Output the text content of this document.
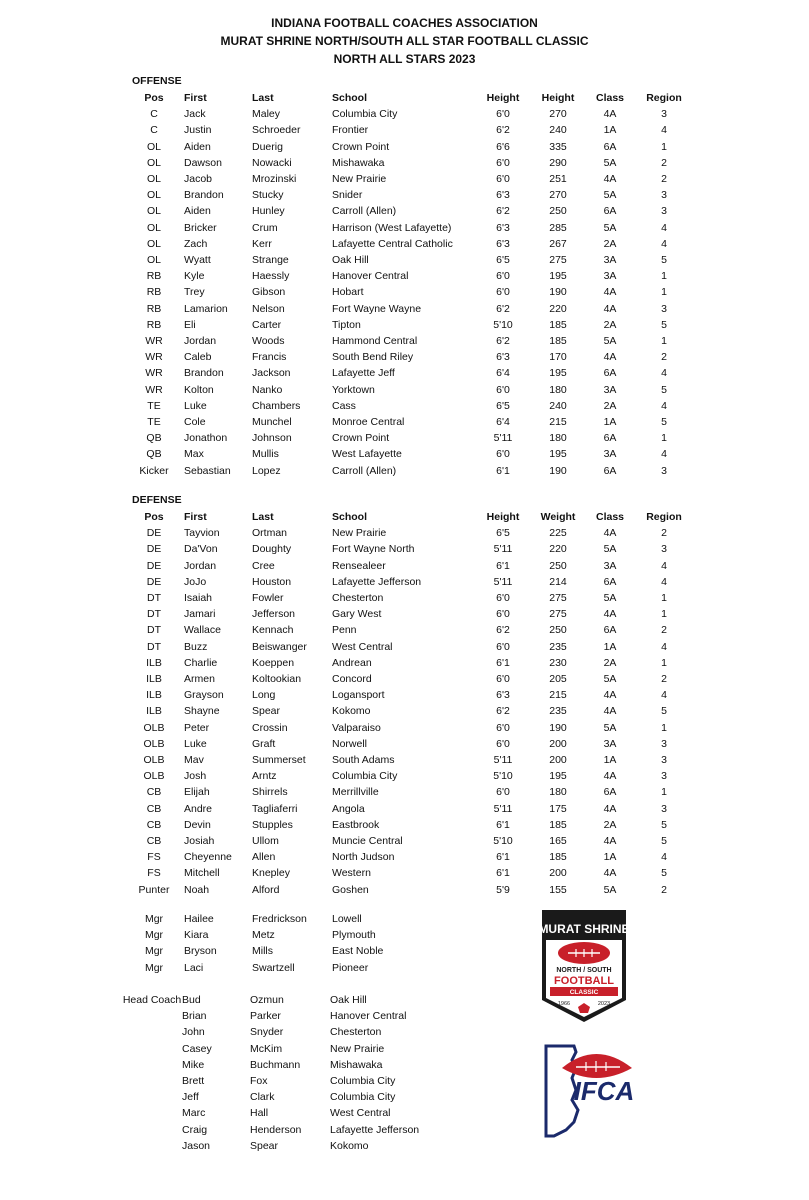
INDIANA FOOTBALL COACHES ASSOCIATION
MURAT SHRINE NORTH/SOUTH ALL STAR FOOTBALL CLASSIC
NORTH ALL STARS 2023
OFFENSE
Pos	First	Last	School	Height	Height	Class	Region
C	Jack	Maley	Columbia City	6'0	270	4A	3
C	Justin	Schroeder	Frontier	6'2	240	1A	4
OL	Aiden	Duerig	Crown Point	6'6	335	6A	1
OL	Dawson	Nowacki	Mishawaka	6'0	290	5A	2
OL	Jacob	Mrozinski	New Prairie	6'0	251	4A	2
OL	Brandon	Stucky	Snider	6'3	270	5A	3
OL	Aiden	Hunley	Carroll (Allen)	6'2	250	6A	3
OL	Bricker	Crum	Harrison (West Lafayette)	6'3	285	5A	4
OL	Zach	Kerr	Lafayette Central Catholic	6'3	267	2A	4
OL	Wyatt	Strange	Oak Hill	6'5	275	3A	5
RB	Kyle	Haessly	Hanover Central	6'0	195	3A	1
RB	Trey	Gibson	Hobart	6'0	190	4A	1
RB	Lamarion	Nelson	Fort Wayne Wayne	6'2	220	4A	3
RB	Eli	Carter	Tipton	5'10	185	2A	5
WR	Jordan	Woods	Hammond Central	6'2	185	5A	1
WR	Caleb	Francis	South Bend Riley	6'3	170	4A	2
WR	Brandon	Jackson	Lafayette Jeff	6'4	195	6A	4
WR	Kolton	Nanko	Yorktown	6'0	180	3A	5
TE	Luke	Chambers	Cass	6'5	240	2A	4
TE	Cole	Munchel	Monroe Central	6'4	215	1A	5
QB	Jonathon	Johnson	Crown Point	5'11	180	6A	1
QB	Max	Mullis	West Lafayette	6'0	195	3A	4
Kicker	Sebastian	Lopez	Carroll (Allen)	6'1	190	6A	3
DEFENSE
Pos	First	Last	School	Height	Weight	Class	Region
DE	Tayvion	Ortman	New Prairie	6'5	225	4A	2
DE	Da'Von	Doughty	Fort Wayne North	5'11	220	5A	3
DE	Jordan	Cree	Rensealeer	6'1	250	3A	4
DE	JoJo	Houston	Lafayette Jefferson	5'11	214	6A	4
DT	Isaiah	Fowler	Chesterton	6'0	275	5A	1
DT	Jamari	Jefferson	Gary West	6'0	275	4A	1
DT	Wallace	Kennach	Penn	6'2	250	6A	2
DT	Buzz	Beiswanger	West Central	6'0	235	1A	4
ILB	Charlie	Koeppen	Andrean	6'1	230	2A	1
ILB	Armen	Koltookian	Concord	6'0	205	5A	2
ILB	Grayson	Long	Logansport	6'3	215	4A	4
ILB	Shayne	Spear	Kokomo	6'2	235	4A	5
OLB	Peter	Crossin	Valparaiso	6'0	190	5A	1
OLB	Luke	Graft	Norwell	6'0	200	3A	3
OLB	Mav	Summerset	South Adams	5'11	200	1A	3
OLB	Josh	Arntz	Columbia City	5'10	195	4A	3
CB	Elijah	Shirrels	Merrillville	6'0	180	6A	1
CB	Andre	Tagliaferri	Angola	5'11	175	4A	3
CB	Devin	Stupples	Eastbrook	6'1	185	2A	5
CB	Josiah	Ullom	Muncie Central	5'10	165	4A	5
FS	Cheyenne	Allen	North Judson	6'1	185	1A	4
FS	Mitchell	Knepley	Western	6'1	200	4A	5
Punter	Noah	Alford	Goshen	5'9	155	5A	2
Mgr	Hailee	Fredrickson	Lowell
Mgr	Kiara	Metz	Plymouth
Mgr	Bryson	Mills	East Noble
Mgr	Laci	Swartzell	Pioneer
Head Coach	Bud	Ozmun	Oak Hill
	Brian	Parker	Hanover Central
	John	Snyder	Chesterton
	Casey	McKim	New Prairie
	Mike	Buchmann	Mishawaka
	Brett	Fox	Columbia City
	Jeff	Clark	Columbia City
	Marc	Hall	West Central
	Craig	Henderson	Lafayette Jefferson
	Jason	Spear	Kokomo
MURAT SHRINE
NORTH / SOUTH
FOOTBALL
CLASSIC
1966	2023
IFCA
